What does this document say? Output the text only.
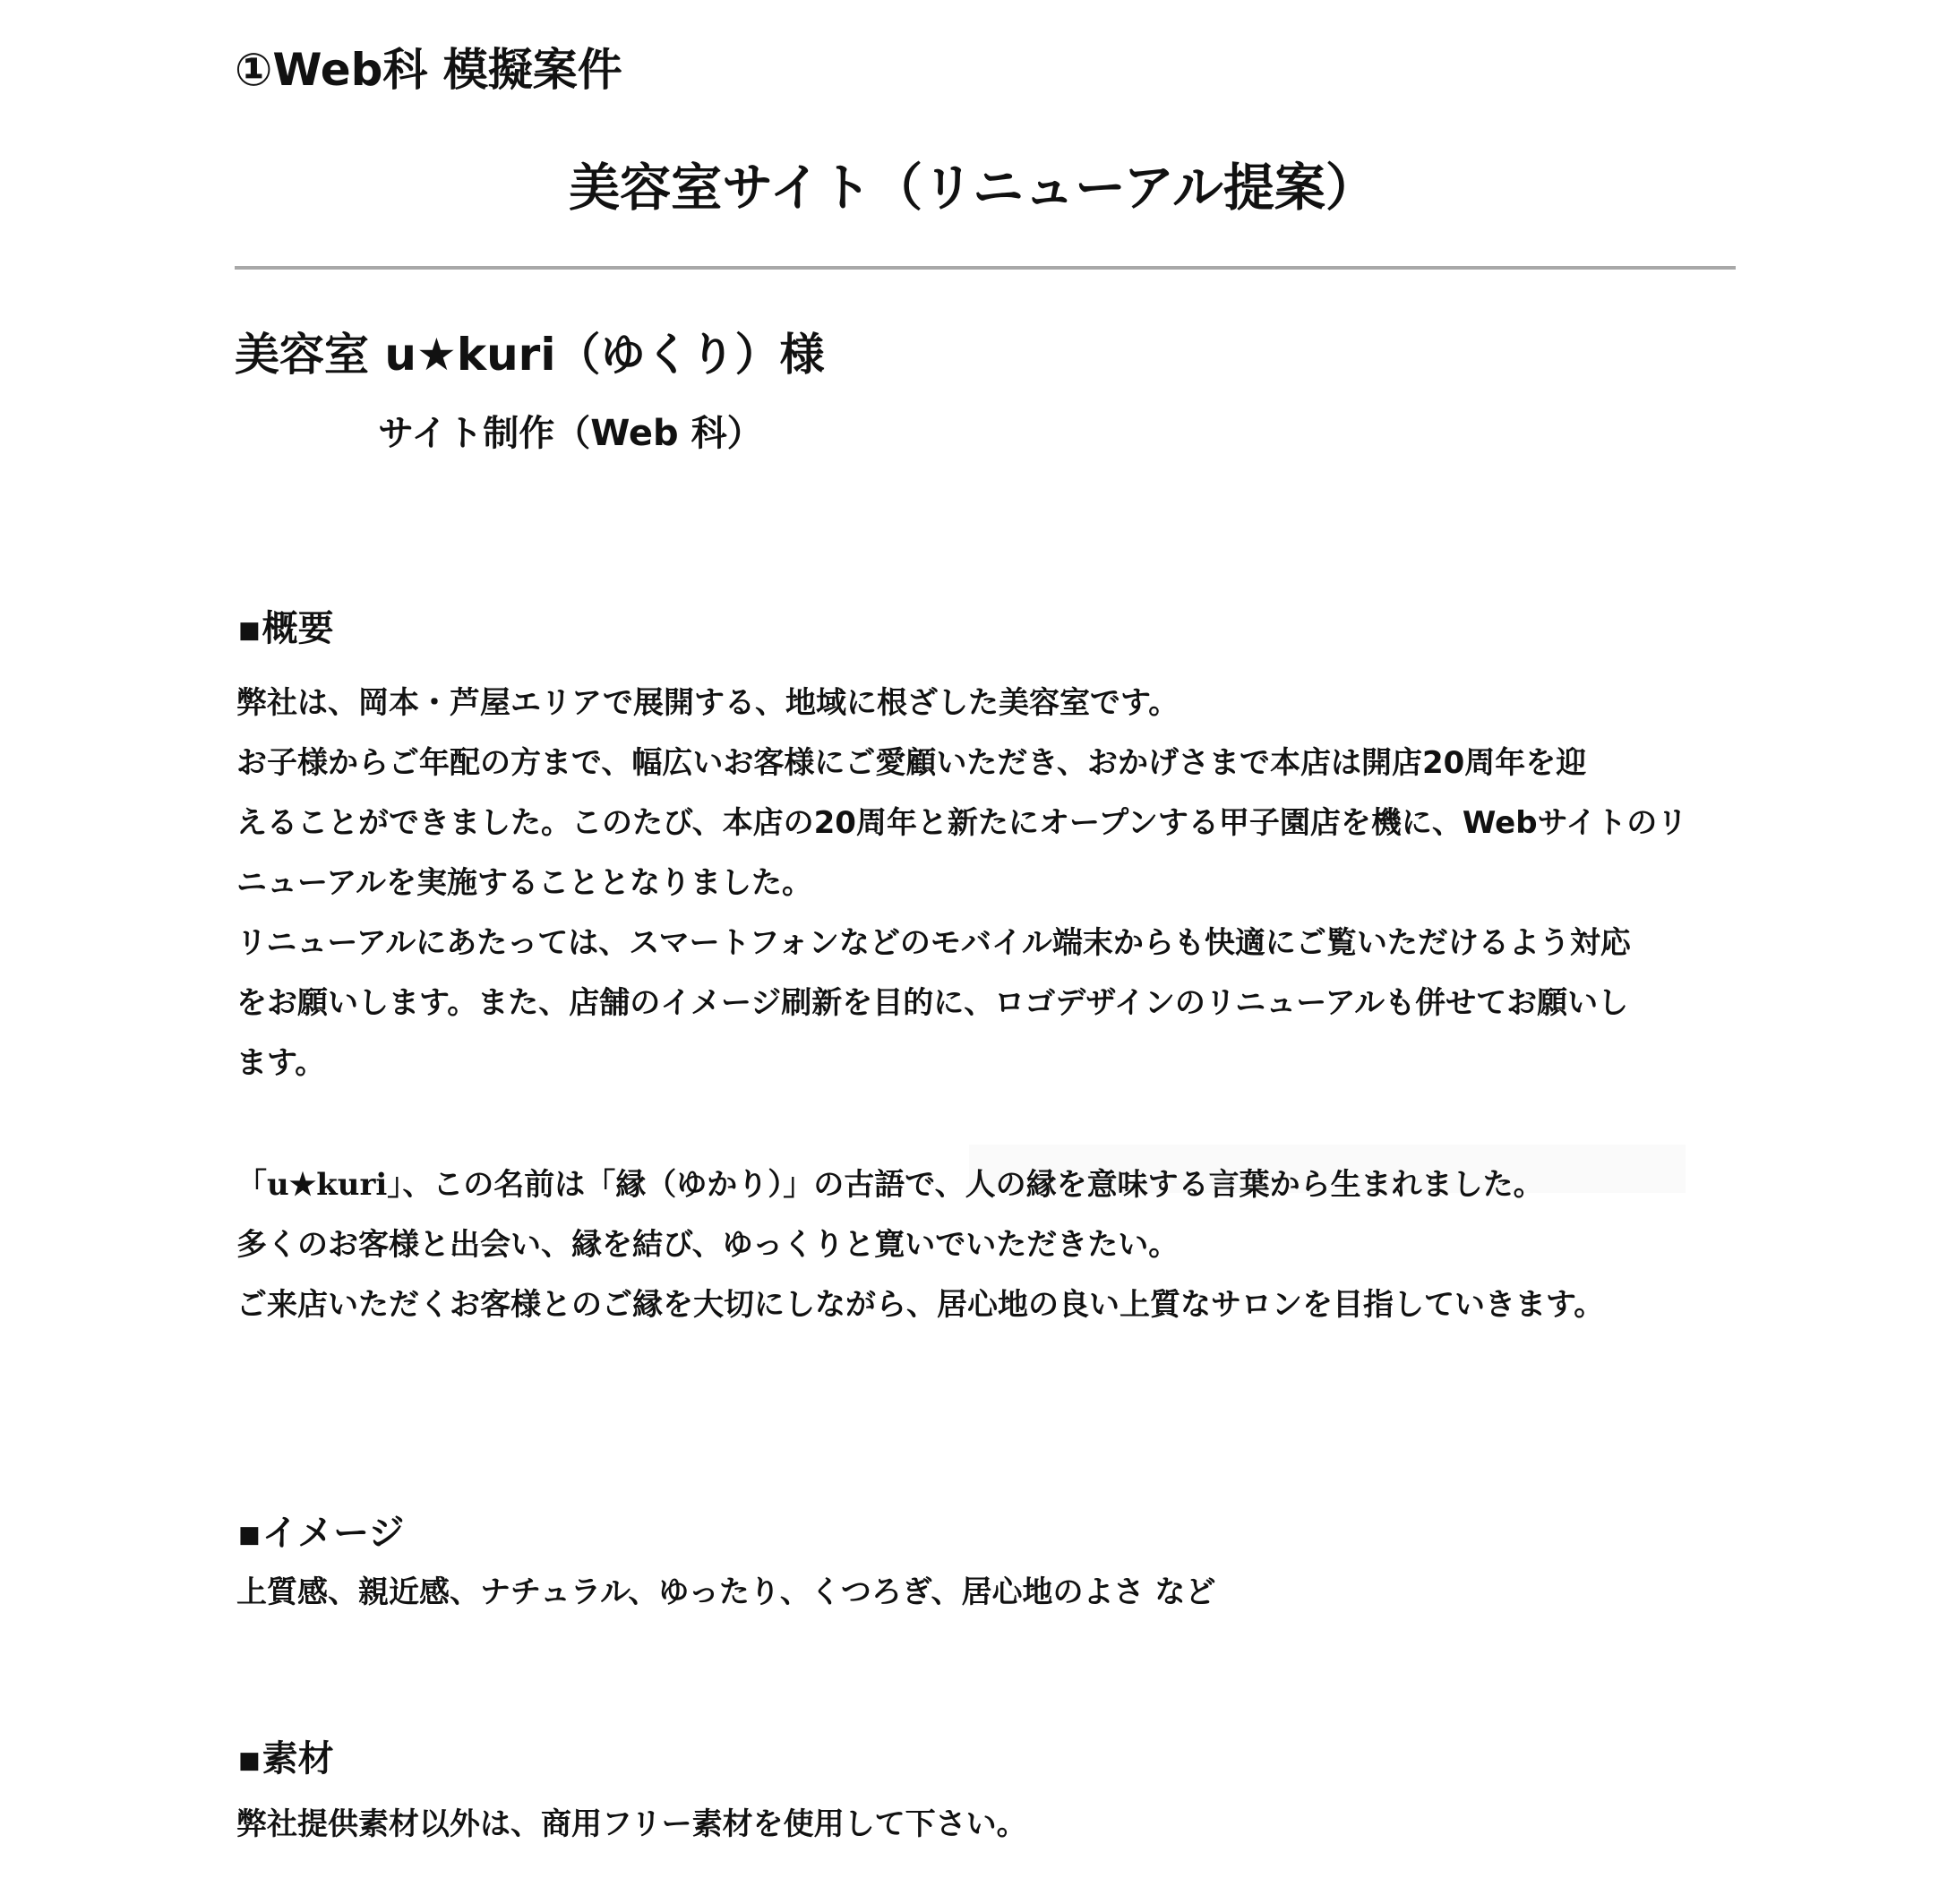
①Web科 模擬案件
美容室サイト（リニューアル提案）
美容室 u★kuri（ゆくり）様
サイト制作（Web 科）
■概要
弊社は、岡本・芦屋エリアで展開する、地域に根ざした美容室です。
お子様からご年配の方まで、幅広いお客様にご愛顧いただき、おかげさまで本店は開店20周年を迎
えることができました。このたび、本店の20周年と新たにオープンする甲子園店を機に、Webサイトのリ
ニューアルを実施することとなりました。
リニューアルにあたっては、スマートフォンなどのモバイル端末からも快適にご覧いただけるよう対応
をお願いします。また、店舗のイメージ刷新を目的に、ロゴデザインのリニューアルも併せてお願いし
ます。
「u★kuri」、この名前は「縁（ゆかり）」の古語で、人の縁を意味する言葉から生まれました。
多くのお客様と出会い、縁を結び、ゆっくりと寛いでいただきたい。
ご来店いただくお客様とのご縁を大切にしながら、居心地の良い上質なサロンを目指していきます。
■イメージ
上質感、親近感、ナチュラル、ゆったり、くつろぎ、居心地のよさ など
■素材
弊社提供素材以外は、商用フリー素材を使用して下さい。
